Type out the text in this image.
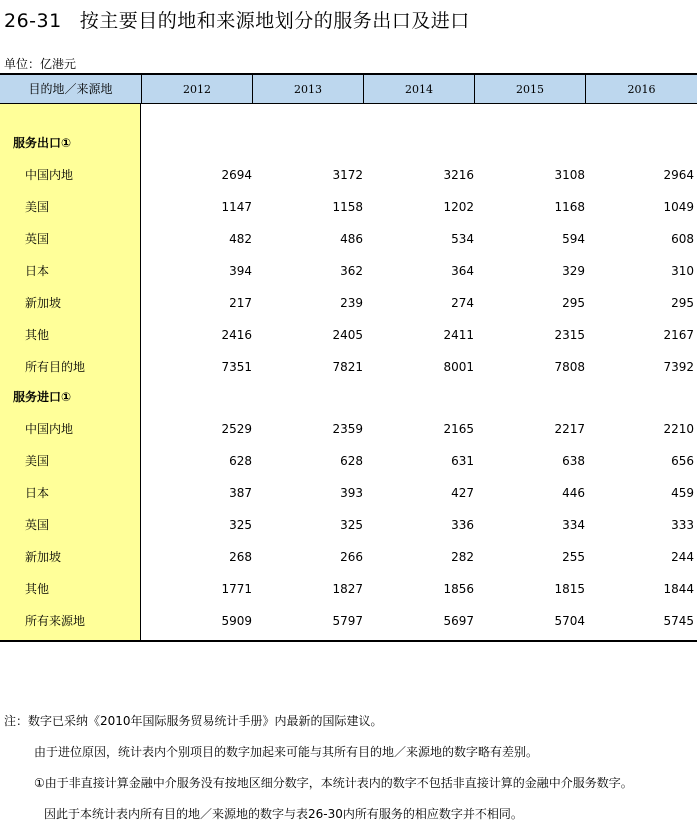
26-31 按主要目的地和来源地划分的服务出口及进口
单位：亿港元
目的地／来源地	2012	2013	2014	2015	2016
服务出口①
中国内地	2694	3172	3216	3108	2964
美国	1147	1158	1202	1168	1049
英国	482	486	534	594	608
日本	394	362	364	329	310
新加坡	217	239	274	295	295
其他	2416	2405	2411	2315	2167
所有目的地	7351	7821	8001	7808	7392
服务进口①
中国内地	2529	2359	2165	2217	2210
美国	628	628	631	638	656
日本	387	393	427	446	459
英国	325	325	336	334	333
新加坡	268	266	282	255	244
其他	1771	1827	1856	1815	1844
所有来源地	5909	5797	5697	5704	5745
注：数字已采纳《2010年国际服务贸易统计手册》内最新的国际建议。
由于进位原因，统计表内个别项目的数字加起来可能与其所有目的地／来源地的数字略有差别。
①由于非直接计算金融中介服务没有按地区细分数字，本统计表内的数字不包括非直接计算的金融中介服务数字。
因此于本统计表内所有目的地／来源地的数字与表26-30内所有服务的相应数字并不相同。
